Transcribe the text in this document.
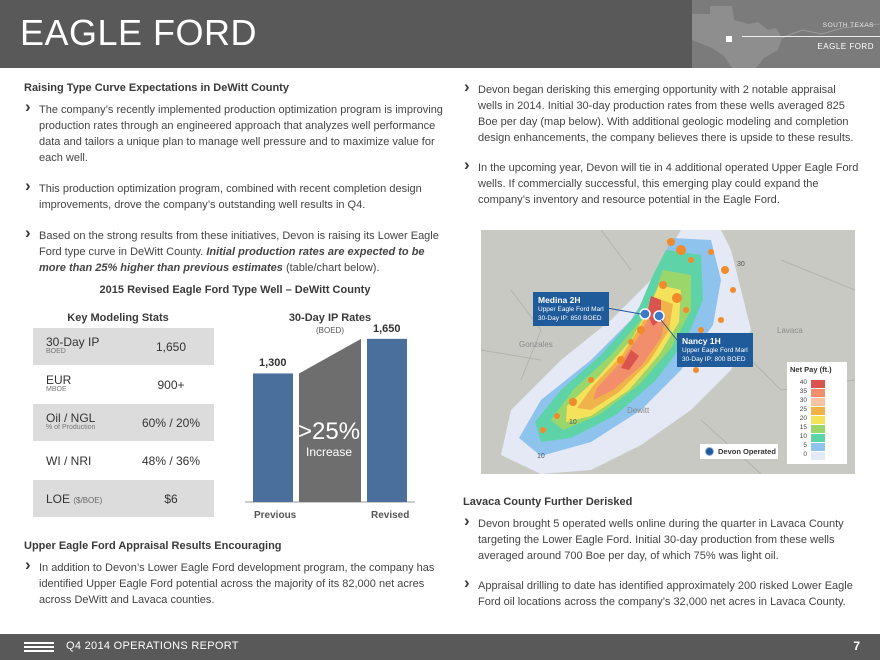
EAGLE FORD	SOUTH TEXAS
EAGLE FORD
Raising Type Curve Expectations in DeWitt County
› The company’s recently implemented production optimization program is improving production rates through an engineered approach that analyzes well performance data and tailors a unique plan to manage well pressure and to maximize value for each well.
› This production optimization program, combined with recent completion design improvements, drove the company’s outstanding well results in Q4.
› Based on the strong results from these initiatives, Devon is raising its Lower Eagle Ford type curve in DeWitt County. Initial production rates are expected to be more than 25% higher than previous estimates (table/chart below).
2015 Revised Eagle Ford Type Well – DeWitt County
Key Modeling Stats
30-Day IP
BOED	1,650
EUR
MBOE	900+
Oil / NGL
% of Production	60% / 20%
WI / NRI	48% / 36%
LOE ($/BOE)	$6
30-Day IP Rates
(BOED)
1,300
1,650
>25%
Increase
Previous	Revised
Upper Eagle Ford Appraisal Results Encouraging
› In addition to Devon’s Lower Eagle Ford development program, the company has identified Upper Eagle Ford potential across the majority of its 82,000 net acres across DeWitt and Lavaca counties.
› Devon began derisking this emerging opportunity with 2 notable appraisal wells in 2014. Initial 30-day production rates from these wells averaged 825 Boe per day (map below). With additional geologic modeling and completion design enhancements, the company believes there is upside to these results.
› In the upcoming year, Devon will tie in 4 additional operated Upper Eagle Ford wells. If commercially successful, this emerging play could expand the company’s inventory and resource potential in the Eagle Ford.
30
10
10
Gonzales
Dewitt
Lavaca
Medina 2H
Upper Eagle Ford Marl
30-Day IP: 850 BOED
Nancy 1H
Upper Eagle Ford Marl
30-Day IP: 800 BOED
Net Pay (ft.)
40
35
30
25
20
15
10
5
0
Devon Operated
Lavaca County Further Derisked
› Devon brought 5 operated wells online during the quarter in Lavaca County targeting the Lower Eagle Ford. Initial 30-day production from these wells averaged around 700 Boe per day, of which 75% was light oil.
› Appraisal drilling to date has identified approximately 200 risked Lower Eagle Ford oil locations across the company’s 32,000 net acres in Lavaca County.
Q4 2014 OPERATIONS REPORT	7
